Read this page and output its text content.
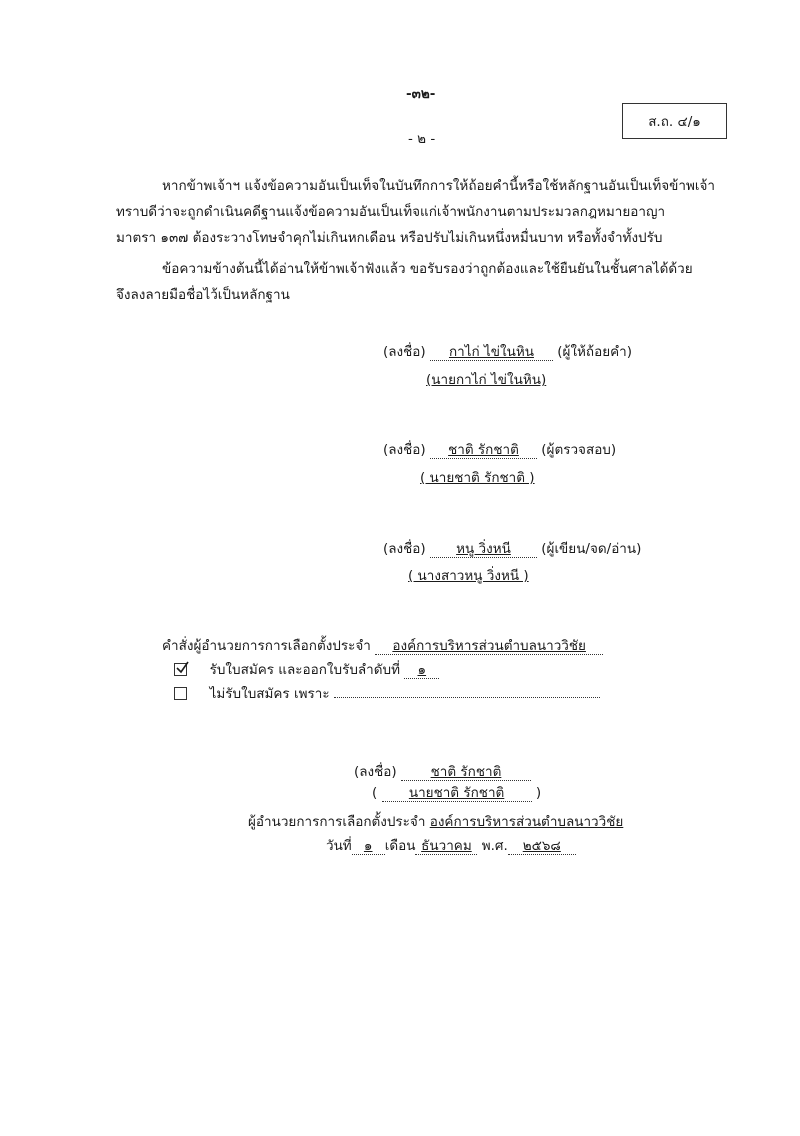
-๓๒-
ส.ถ. ๔/๑
- ๒ -

หากข้าพเจ้าฯ แจ้งข้อความอันเป็นเท็จในบันทึกการให้ถ้อยคำนี้หรือใช้หลักฐานอันเป็นเท็จข้าพเจ้า

ทราบดีว่าจะถูกดำเนินคดีฐานแจ้งข้อความอันเป็นเท็จแก่เจ้าพนักงานตามประมวลกฎหมายอาญา

มาตรา ๑๓๗ ต้องระวางโทษจำคุกไม่เกินหกเดือน หรือปรับไม่เกินหนึ่งหมื่นบาท หรือทั้งจำทั้งปรับ

ข้อความข้างต้นนี้ได้อ่านให้ข้าพเจ้าฟังแล้ว ขอรับรองว่าถูกต้องและใช้ยืนยันในชั้นศาลได้ด้วย

จึงลงลายมือชื่อไว้เป็นหลักฐาน

(ลงชื่อ) กาไก่ ไข่ในหิน (ผู้ให้ถ้อยคำ)
(นายกาไก่ ไข่ในหิน)
(ลงชื่อ) ชาติ รักชาติ (ผู้ตรวจสอบ)
( นายชาติ รักชาติ )
(ลงชื่อ) หนู วิ่งหนี (ผู้เขียน/จด/อ่าน)
( นางสาวหนู วิ่งหนี )
คำสั่งผู้อำนวยการการเลือกตั้งประจำ องค์การบริหารส่วนตำบลนาววิชัย
รับใบสมัคร และออกใบรับลำดับที่ ๑
ไม่รับใบสมัคร เพราะ
(ลงชื่อ)	ชาติ รักชาติ
( นายชาติ รักชาติ )
ผู้อำนวยการการเลือกตั้งประจำ องค์การบริหารส่วนตำบลนาววิชัย
วันที่ ๑ เดือน ธันวาคม พ.ศ. ๒๕๖๘
